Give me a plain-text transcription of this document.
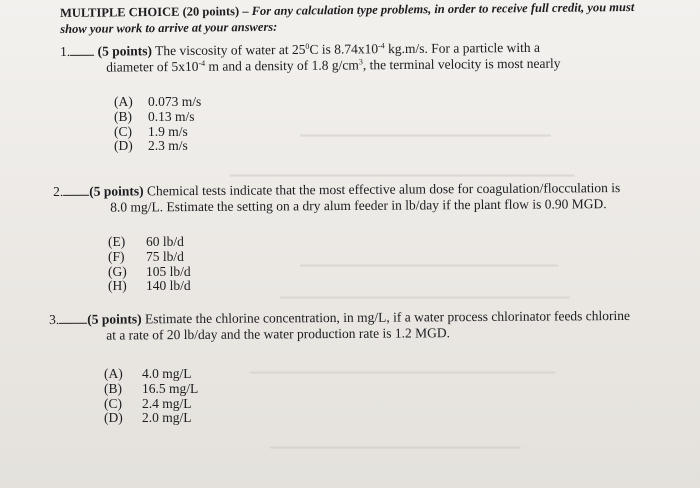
━━━━━━━━━━━━━━━━━━━━━━━━━━━━━━━━
━━━━━━━━━━━━━━━━━━━━━━━━━━━━━━━━━━━━━━━━━━━━
━━━━━━━━━━━━━━━━━━━━━━━━━━━━━━━━━
━━━━━━━━━━━━━━━━━━━━━━━━━━━━━━━━━━━━━
━━━━━━━━━━━━━━━━━━━━━━━━━━━━━━━━━━━━━━━
━━━━━━━━━━━━━━━━━━━━━━━━━━━━━━━━
MULTIPLE CHOICE (20 points) – For any calculation type problems, in order to receive full credit, you must
show your work to arrive at your answers:
1. (5 points) The viscosity of water at $25^0C$ is $8.74x10^{-4}$ kg.m/s. For a particle with a
diameter of $5x10^{-4}$ m and a density of 1.8 $g/cm^3$, the terminal velocity is most nearly
(A) 0.073 m/s
(B) 0.13 m/s
(C) 1.9 m/s
(D) 2.3 m/s
2. (5 points) Chemical tests indicate that the most effective alum dose for coagulation/flocculation is
8.0 mg/L. Estimate the setting on a dry alum feeder in lb/day if the plant flow is 0.90 MGD.
(E) 60 lb/d
(F) 75 lb/d
(G) 105 lb/d
(H) 140 lb/d
3. (5 points) Estimate the chlorine concentration, in mg/L, if a water process chlorinator feeds chlorine
at a rate of 20 lb/day and the water production rate is 1.2 MGD.
(A) 4.0 mg/L
(B) 16.5 mg/L
(C) 2.4 mg/L
(D) 2.0 mg/L
